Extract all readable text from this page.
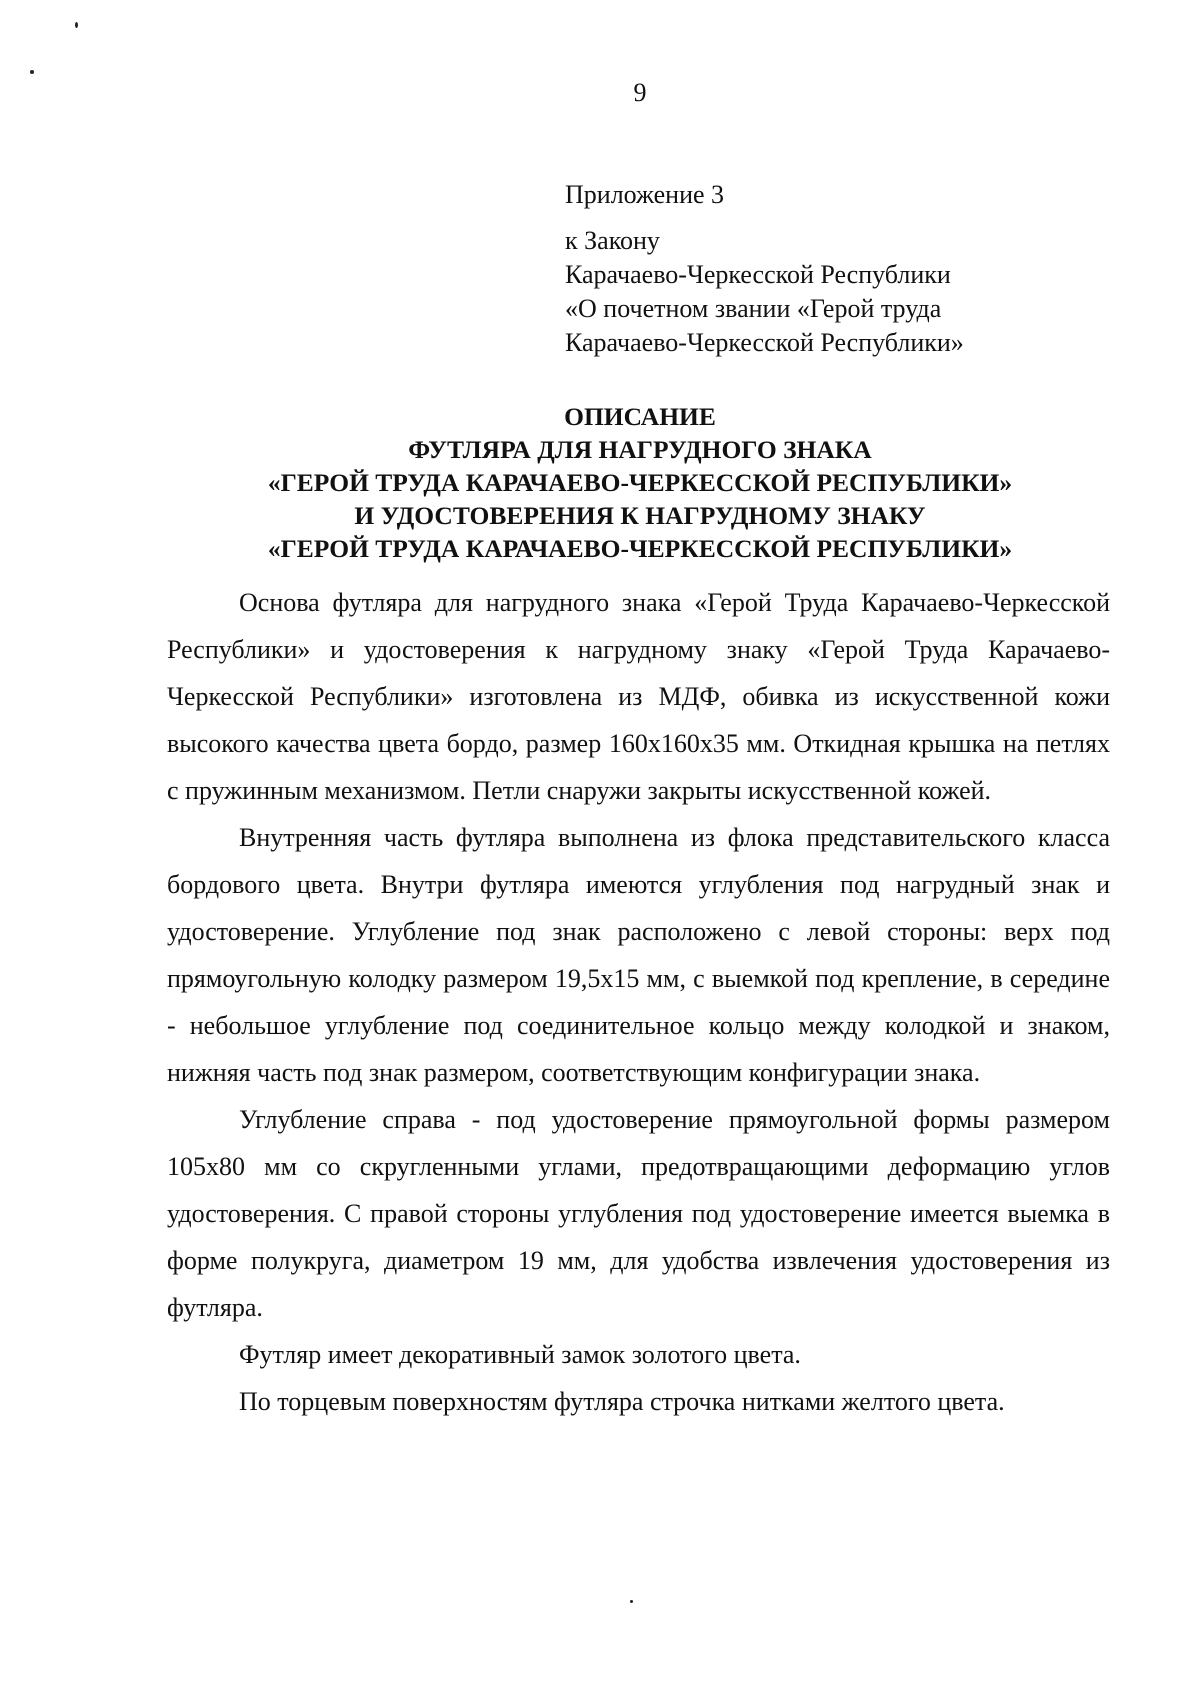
9

Приложение 3

к Закону

Карачаево-Черкесской Республики

«О почетном звании «Герой труда

Карачаево-Черкесской Республики»

ОПИСАНИЕ
ФУТЛЯРА ДЛЯ НАГРУДНОГО ЗНАКА
«ГЕРОЙ ТРУДА КАРАЧАЕВО-ЧЕРКЕССКОЙ РЕСПУБЛИКИ»
И УДОСТОВЕРЕНИЯ К НАГРУДНОМУ ЗНАКУ
«ГЕРОЙ ТРУДА КАРАЧАЕВО-ЧЕРКЕССКОЙ РЕСПУБЛИКИ»

Основа футляра для нагрудного знака «Герой Труда Карачаево-Черкесской Республики» и удостоверения к нагрудному знаку «Герой Труда Карачаево-Черкесской Республики» изготовлена из МДФ, обивка из искусственной кожи высокого качества цвета бордо, размер 160x160x35 мм. Откидная крышка на петлях с пружинным механизмом. Петли снаружи закрыты искусственной кожей.

Внутренняя часть футляра выполнена из флока представительского класса бордового цвета. Внутри футляра имеются углубления под нагрудный знак и удостоверение. Углубление под знак расположено с левой стороны: верх под прямоугольную колодку размером 19,5x15 мм, с выемкой под крепление, в середине - небольшое углубление под соединительное кольцо между колодкой и знаком, нижняя часть под знак размером, соответствующим конфигурации знака.

Углубление справа - под удостоверение прямоугольной формы размером 105x80 мм со скругленными углами, предотвращающими деформацию углов удостоверения. С правой стороны углубления под удостоверение имеется выемка в форме полукруга, диаметром 19 мм, для удобства извлечения удостоверения из футляра.

Футляр имеет декоративный замок золотого цвета.

По торцевым поверхностям футляра строчка нитками желтого цвета.
